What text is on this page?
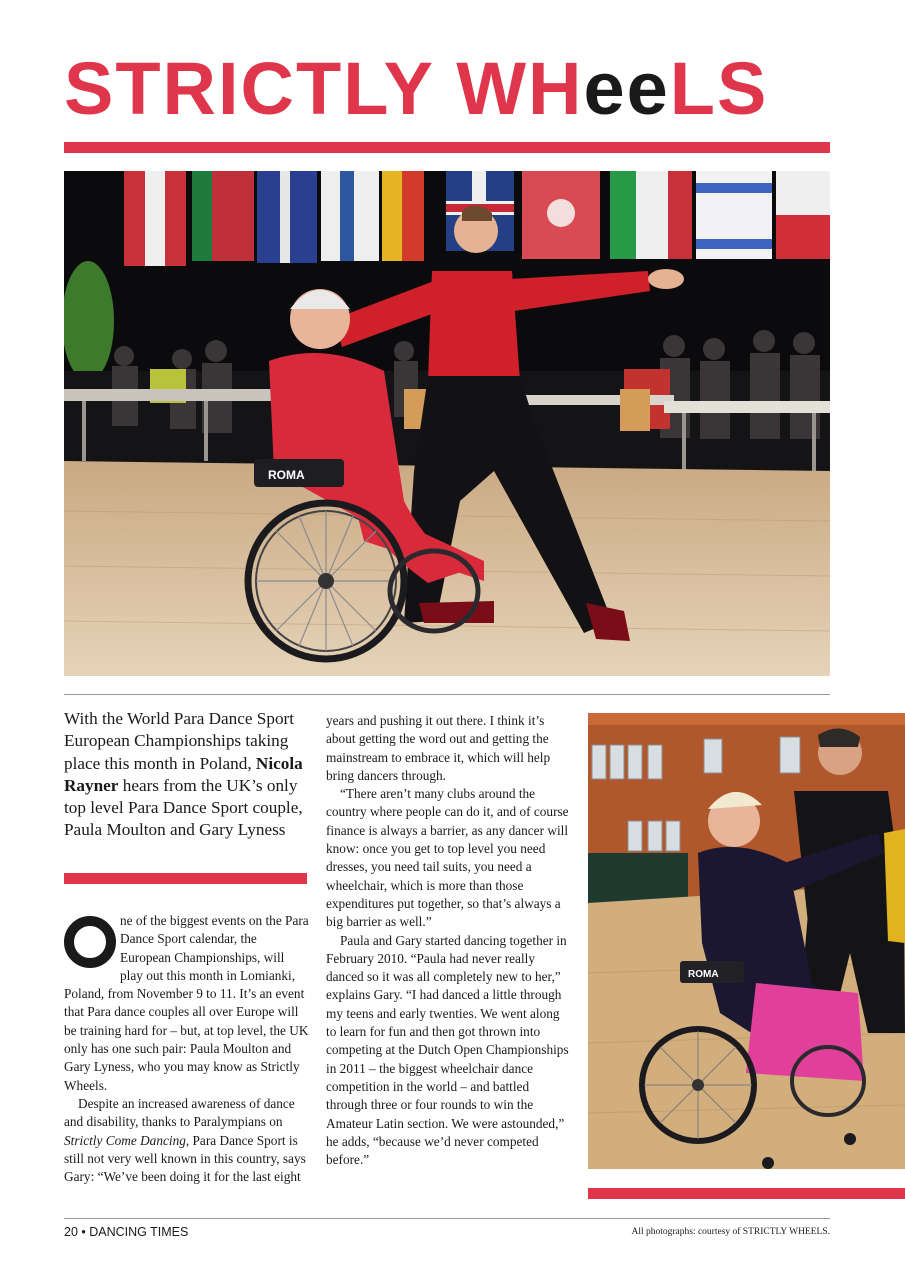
STRICTLY WHeeLS
ROMA
With the World Para Dance Sport European Championships taking place this month in Poland, Nicola Rayner hears from the UK’s only top level Para Dance Sport couple, Paula Moulton and Gary Lyness
O

ne of the biggest events on the Para Dance Sport calendar, the European Championships, will play out this month in Lomianki, Poland, from November 9 to 11. It’s an event that Para dance couples all over Europe will be training hard for – but, at top level, the UK only has one such pair: Paula Moulton and Gary Lyness, who you may know as Strictly Wheels.

Despite an increased awareness of dance and disability, thanks to Paralympians on Strictly Come Dancing, Para Dance Sport is still not very well known in this country, says Gary: “We’ve been doing it for the last eight

years and pushing it out there. I think it’s about getting the word out and getting the mainstream to embrace it, which will help bring dancers through.

“There aren’t many clubs around the country where people can do it, and of course finance is always a barrier, as any dancer will know: once you get to top level you need dresses, you need tail suits, you need a wheelchair, which is more than those expenditures put together, so that’s always a big barrier as well.”

Paula and Gary started dancing together in February 2010. “Paula had never really danced so it was all completely new to her,” explains Gary. “I had danced a little through my teens and early twenties. We went along to learn for fun and then got thrown into competing at the Dutch Open Championships in 2011 – the biggest wheelchair dance competition in the world – and battled through three or four rounds to win the Amateur Latin section. We were astounded,” he adds, “because we’d never competed before.”

ROMA
20 • DANCING TIMES	All photographs: courtesy of STRICTLY WHEELS.
